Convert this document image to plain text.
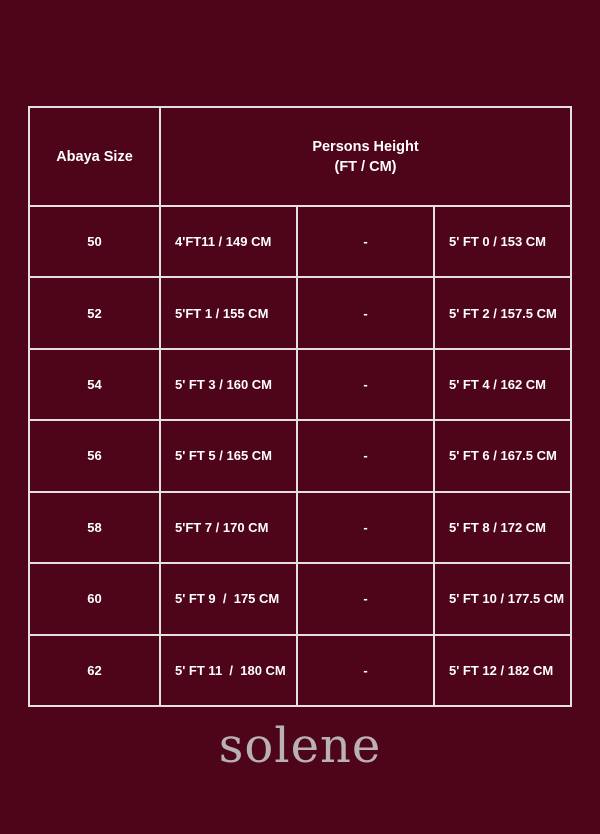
Abaya Size	Persons Height
(FT / CM)		

50	4'FT11 / 149 CM	-	5' FT 0 / 153 CM
52	5'FT 1 / 155 CM	-	5' FT 2 / 157.5 CM
54	5' FT 3 / 160 CM	-	5' FT 4 / 162 CM
56	5' FT 5 / 165 CM	-	5' FT 6 / 167.5 CM
58	5'FT 7 / 170 CM	-	5' FT 8 / 172 CM
60	5' FT 9  /  175 CM	-	5' FT 10 / 177.5 CM
62	5' FT 11  /  180 CM	-	5' FT 12 / 182 CM
solene
